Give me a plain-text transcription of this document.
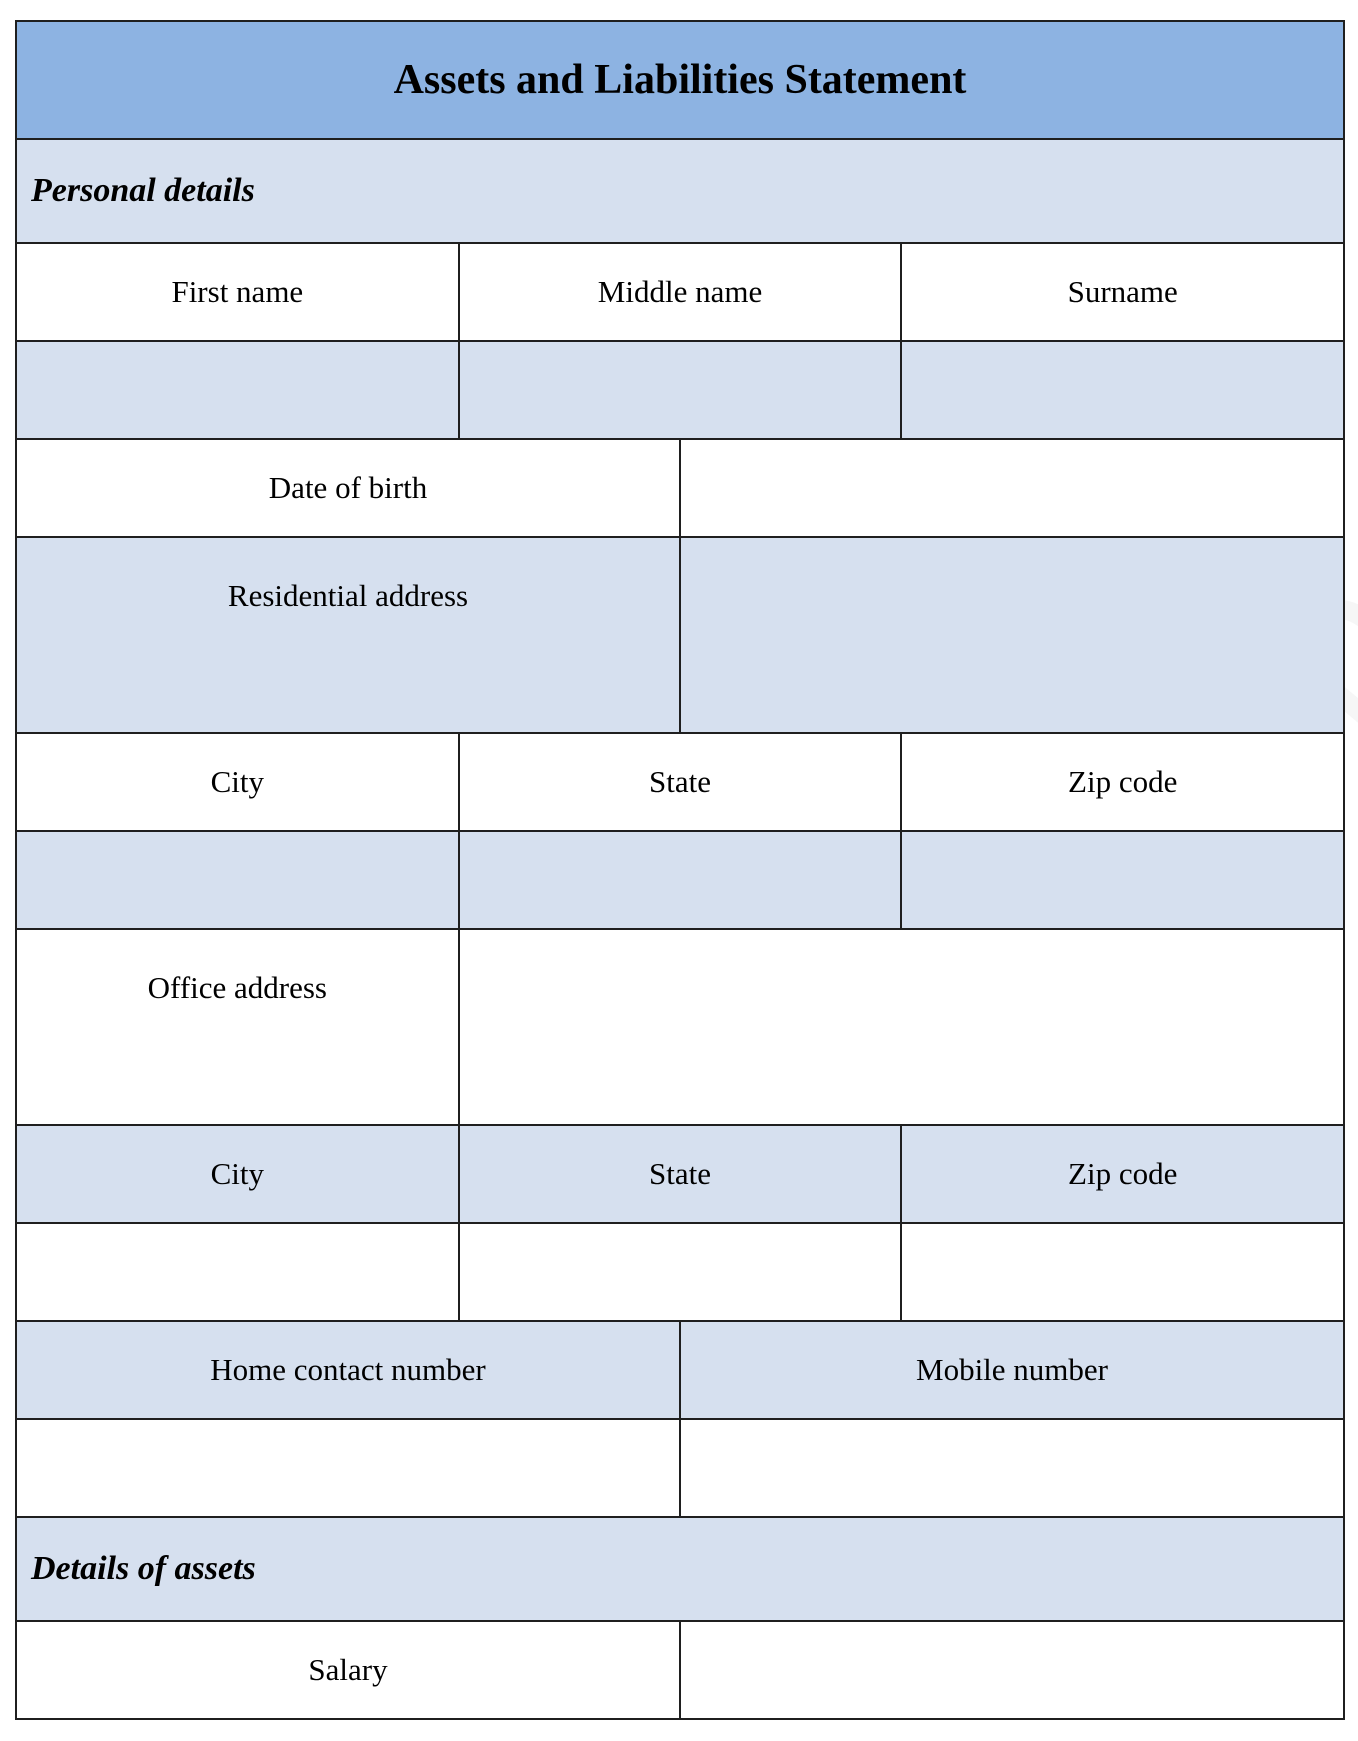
Assets and Liabilities Statement
Personal details
First name	Middle name	Surname
Date of birth
Residential address
City	State	Zip code
Office address
City	State	Zip code
Home contact number	Mobile number
Details of assets
Salary
